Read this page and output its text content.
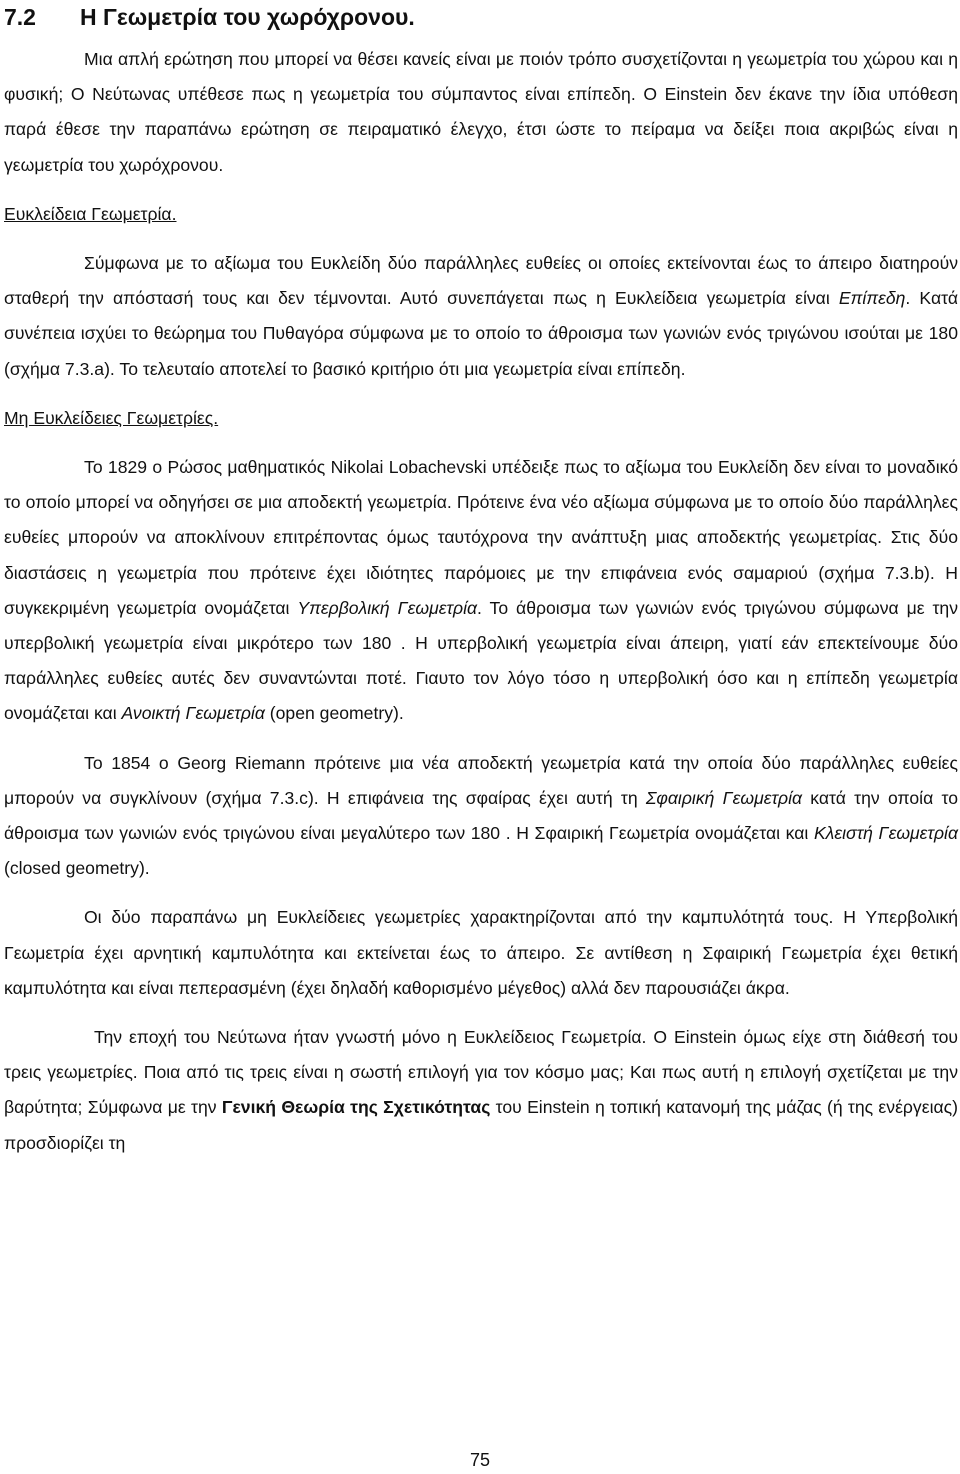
7.2 Η Γεωμετρία του χωρόχρονου.

Μια απλή ερώτηση που μπορεί να θέσει κανείς είναι με ποιόν τρόπο συσχετίζονται η γεωμετρία του χώρου και η φυσική; Ο Νεύτωνας υπέθεσε πως η γεωμετρία του σύμπαντος είναι επίπεδη. Ο Einstein δεν έκανε την ίδια υπόθεση παρά έθεσε την παραπάνω ερώτηση σε πειραματικό έλεγχο, έτσι ώστε το πείραμα να δείξει ποια ακριβώς είναι η γεωμετρία του χωρόχρονου.

Ευκλείδεια Γεωμετρία.

Σύμφωνα με το αξίωμα του Ευκλείδη δύο παράλληλες ευθείες οι οποίες εκτείνονται έως το άπειρο διατηρούν σταθερή την απόστασή τους και δεν τέμνονται. Αυτό συνεπάγεται πως η Ευκλείδεια γεωμετρία είναι Επίπεδη. Κατά συνέπεια ισχύει το θεώρημα του Πυθαγόρα σύμφωνα με το οποίο το άθροισμα των γωνιών ενός τριγώνου ισούται με 180 (σχήμα 7.3.a). Το τελευταίο αποτελεί το βασικό κριτήριο ότι μια γεωμετρία είναι επίπεδη.

Μη Ευκλείδειες Γεωμετρίες.

Το 1829 ο Ρώσος μαθηματικός Nikolai Lobachevski υπέδειξε πως το αξίωμα του Ευκλείδη δεν είναι το μοναδικό το οποίο μπορεί να οδηγήσει σε μια αποδεκτή γεωμετρία. Πρότεινε ένα νέο αξίωμα σύμφωνα με το οποίο δύο παράλληλες ευθείες μπορούν να αποκλίνουν επιτρέποντας όμως ταυτόχρονα την ανάπτυξη μιας αποδεκτής γεωμετρίας. Στις δύο διαστάσεις η γεωμετρία που πρότεινε έχει ιδιότητες παρόμοιες με την επιφάνεια ενός σαμαριού (σχήμα 7.3.b). Η συγκεκριμένη γεωμετρία ονομάζεται Υπερβολική Γεωμετρία. Το άθροισμα των γωνιών ενός τριγώνου σύμφωνα με την υπερβολική γεωμετρία είναι μικρότερο των 180 . Η υπερβολική γεωμετρία είναι άπειρη, γιατί εάν επεκτείνουμε δύο παράλληλες ευθείες αυτές δεν συναντώνται ποτέ. Γιαυτο τον λόγο τόσο η υπερβολική όσο και η επίπεδη γεωμετρία ονομάζεται και Ανοικτή Γεωμετρία (open geometry).

Το 1854 ο Georg Riemann πρότεινε μια νέα αποδεκτή γεωμετρία κατά την οποία δύο παράλληλες ευθείες μπορούν να συγκλίνουν (σχήμα 7.3.c). Η επιφάνεια της σφαίρας έχει αυτή τη Σφαιρική Γεωμετρία κατά την οποία το άθροισμα των γωνιών ενός τριγώνου είναι μεγαλύτερο των 180 . Η Σφαιρική Γεωμετρία ονομάζεται και Κλειστή Γεωμετρία (closed geometry).

Οι δύο παραπάνω μη Ευκλείδειες γεωμετρίες χαρακτηρίζονται από την καμπυλότητά τους. Η Υπερβολική Γεωμετρία έχει αρνητική καμπυλότητα και εκτείνεται έως το άπειρο. Σε αντίθεση η Σφαιρική Γεωμετρία έχει θετική καμπυλότητα και είναι πεπερασμένη (έχει δηλαδή καθορισμένο μέγεθος) αλλά δεν παρουσιάζει άκρα.

Την εποχή του Νεύτωνα ήταν γνωστή μόνο η Ευκλείδειος Γεωμετρία. Ο Einstein όμως είχε στη διάθεσή του τρεις γεωμετρίες. Ποια από τις τρεις είναι η σωστή επιλογή για τον κόσμο μας; Και πως αυτή η επιλογή σχετίζεται με την βαρύτητα; Σύμφωνα με την Γενική Θεωρία της Σχετικότητας του Einstein η τοπική κατανομή της μάζας (ή της ενέργειας) προσδιορίζει τη

75
